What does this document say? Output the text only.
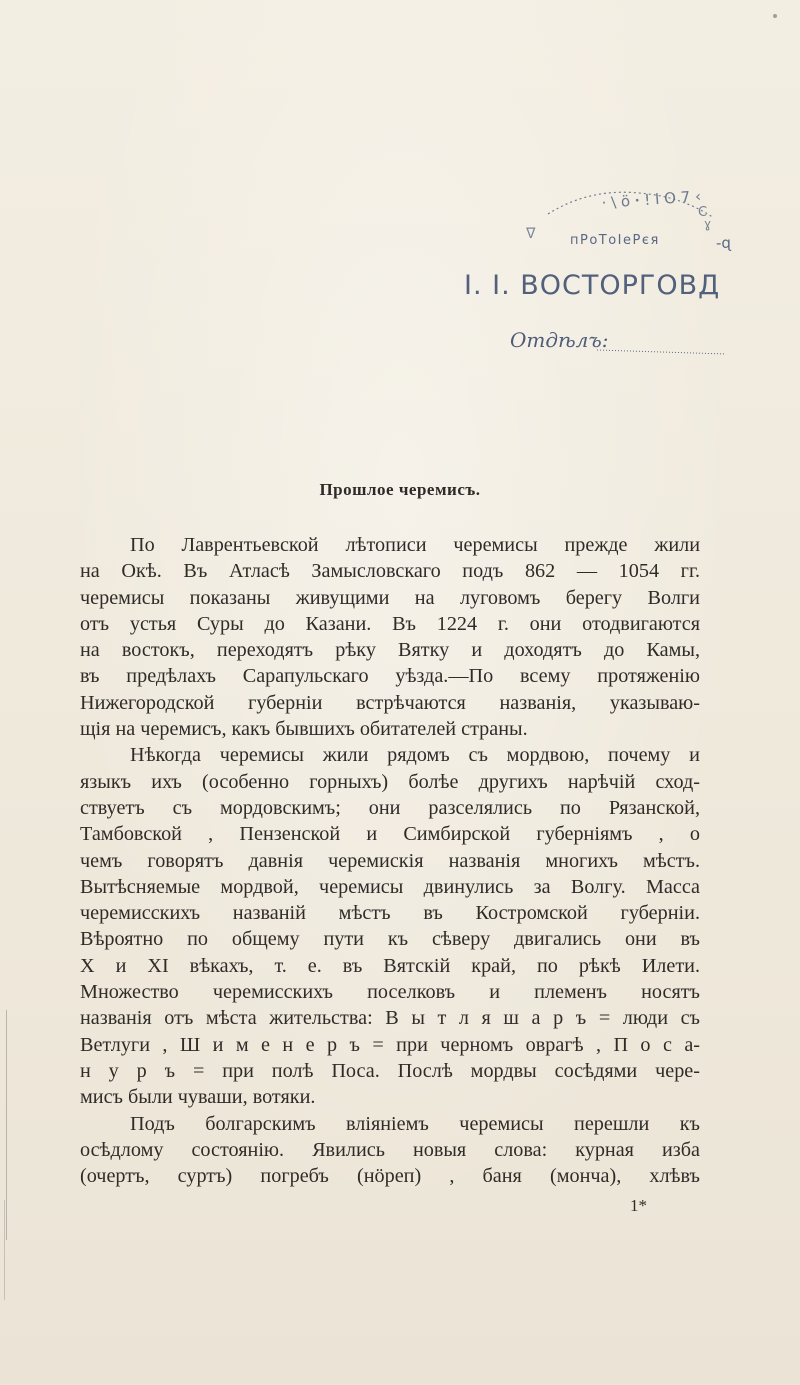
· \ ö ꞏ ! I O 7 ‹
C
ɣ
ᐁ	пРоТоІеРєя	-ɋ
І. І. ВОСТОРГОВД
Отдѣлъ:
Прошлое черемисъ.
По Лаврентьевской лѣтописи черемисы прежде жили
на Окѣ. Въ Атласѣ Замысловскаго подъ 862 — 1054 гг.
черемисы показаны живущими на луговомъ берегу Волги
отъ устья Суры до Казани. Въ 1224 г. они отодвигаются
на востокъ, переходятъ рѣку Вятку и доходятъ до Камы,
въ предѣлахъ Сарапульскаго уѣзда.—По всему протяженію
Нижегородской губерніи встрѣчаются названія, указываю-
щія на черемисъ, какъ бывшихъ обитателей страны.
Нѣкогда черемисы жили рядомъ съ мордвою, почему и
языкъ ихъ (особенно горныхъ) болѣе другихъ нарѣчій сход-
ствуетъ съ мордовскимъ; они разселялись по Рязанской,
Тамбовской , Пензенской и Симбирской губерніямъ , о
чемъ говорятъ давнія черемискія названія многихъ мѣстъ.
Вытѣсняемые мордвой, черемисы двинулись за Волгу. Масса
черемисскихъ названій мѣстъ въ Костромской губерніи.
Вѣроятно по общему пути къ сѣверу двигались они въ
X и XI вѣкахъ, т. е. въ Вятскій край, по рѣкѣ Илети.
Множество черемисскихъ поселковъ и племенъ носятъ
названія отъ мѣста жительства: В ы т л я ш а р ъ = люди съ
Ветлуги , Ш и м е н е р ъ = при черномъ оврагѣ , П о с а-
н у р ъ = при полѣ Поса. Послѣ мордвы сосѣдями чере-
мисъ были чуваши, вотяки.
Подъ болгарскимъ вліяніемъ черемисы перешли къ
осѣдлому состоянію. Явились новыя слова: курная изба
(очертъ, суртъ) погребъ (нöреп) , баня (монча), хлѣвъ
1*
